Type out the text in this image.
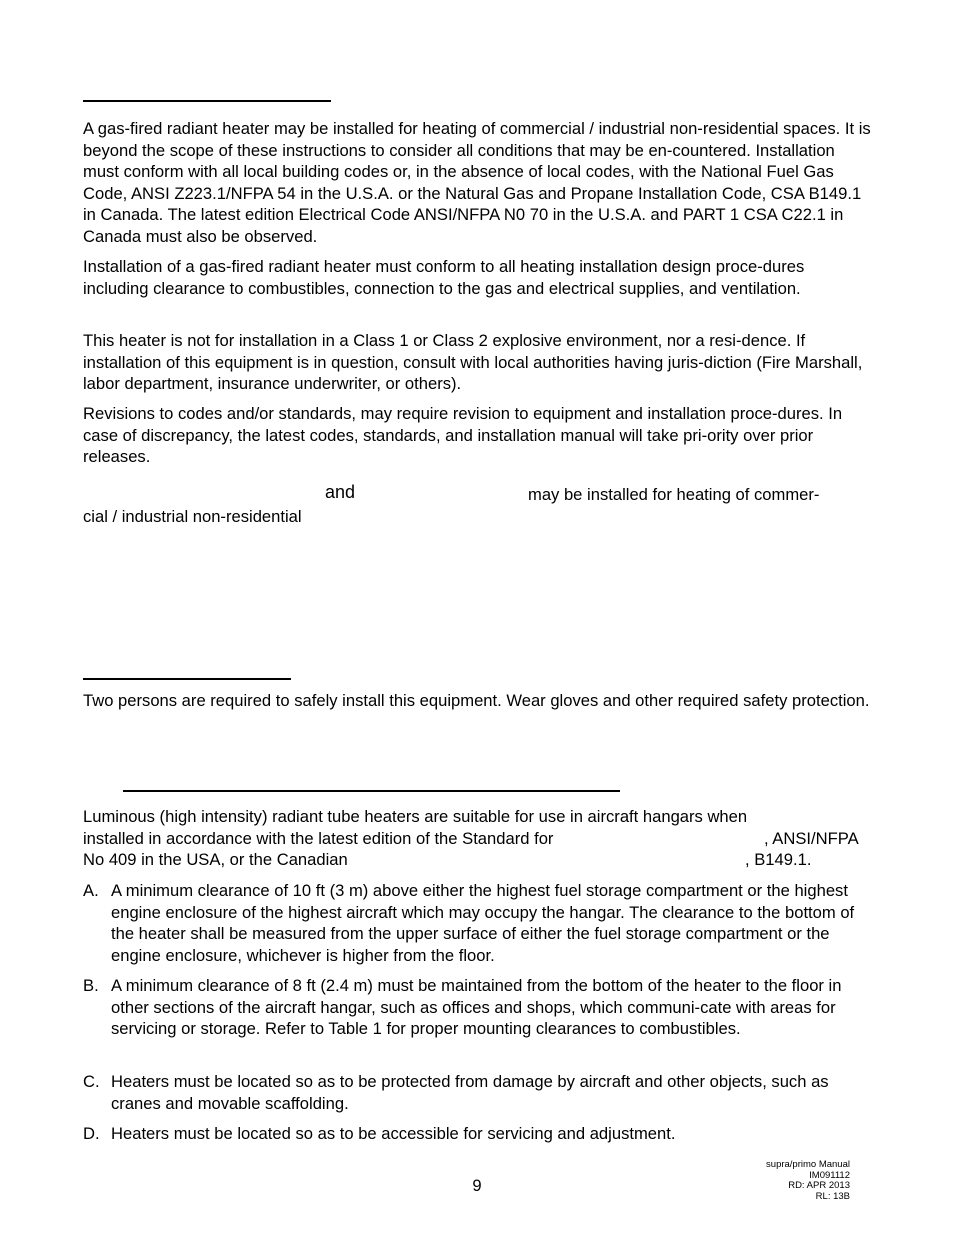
A gas-fired radiant heater may be installed for heating of commercial / industrial non-residential spaces. It is beyond the scope of these instructions to consider all conditions that may be en-countered. Installation must conform with all local building codes or, in the absence of local codes, with the National Fuel Gas Code, ANSI Z223.1/NFPA 54 in the U.S.A. or the Natural Gas and Propane Installation Code, CSA B149.1 in Canada. The latest edition Electrical Code ANSI/NFPA N0 70 in the U.S.A. and PART 1 CSA C22.1 in Canada must also be observed.

Installation of a gas-fired radiant heater must conform to all heating installation design proce-dures including clearance to combustibles, connection to the gas and electrical supplies, and ventilation.

This heater is not for installation in a Class 1 or Class 2 explosive environment, nor a resi-dence. If installation of this equipment is in question, consult with local authorities having juris-diction (Fire Marshall, labor department, insurance underwriter, or others).

Revisions to codes and/or standards, may require revision to equipment and installation proce-dures. In case of discrepancy, the latest codes, standards, and installation manual will take pri-ority over prior releases.

and	may be installed for heating of commer-
cial / industrial non-residential

Two persons are required to safely install this equipment. Wear gloves and other required safety protection.

Luminous (high intensity) radiant tube heaters are suitable for use in aircraft hangars when
installed in accordance with the latest edition of the Standard for	, ANSI/NFPA
No 409 in the USA, or the Canadian	, B149.1.
A. A minimum clearance of 10 ft (3 m) above either the highest fuel storage compartment or the highest engine enclosure of the highest aircraft which may occupy the hangar. The clearance to the bottom of the heater shall be measured from the upper surface of either the fuel storage compartment or the engine enclosure, whichever is higher from the floor.
B. A minimum clearance of 8 ft (2.4 m) must be maintained from the bottom of the heater to the floor in other sections of the aircraft hangar, such as offices and shops, which communi-cate with areas for servicing or storage. Refer to Table 1 for proper mounting clearances to combustibles.
C. Heaters must be located so as to be protected from damage by aircraft and other objects, such as cranes and movable scaffolding.
D. Heaters must be located so as to be accessible for servicing and adjustment.
9
supra/primo Manual
IM091112
RD: APR 2013
RL: 13B
